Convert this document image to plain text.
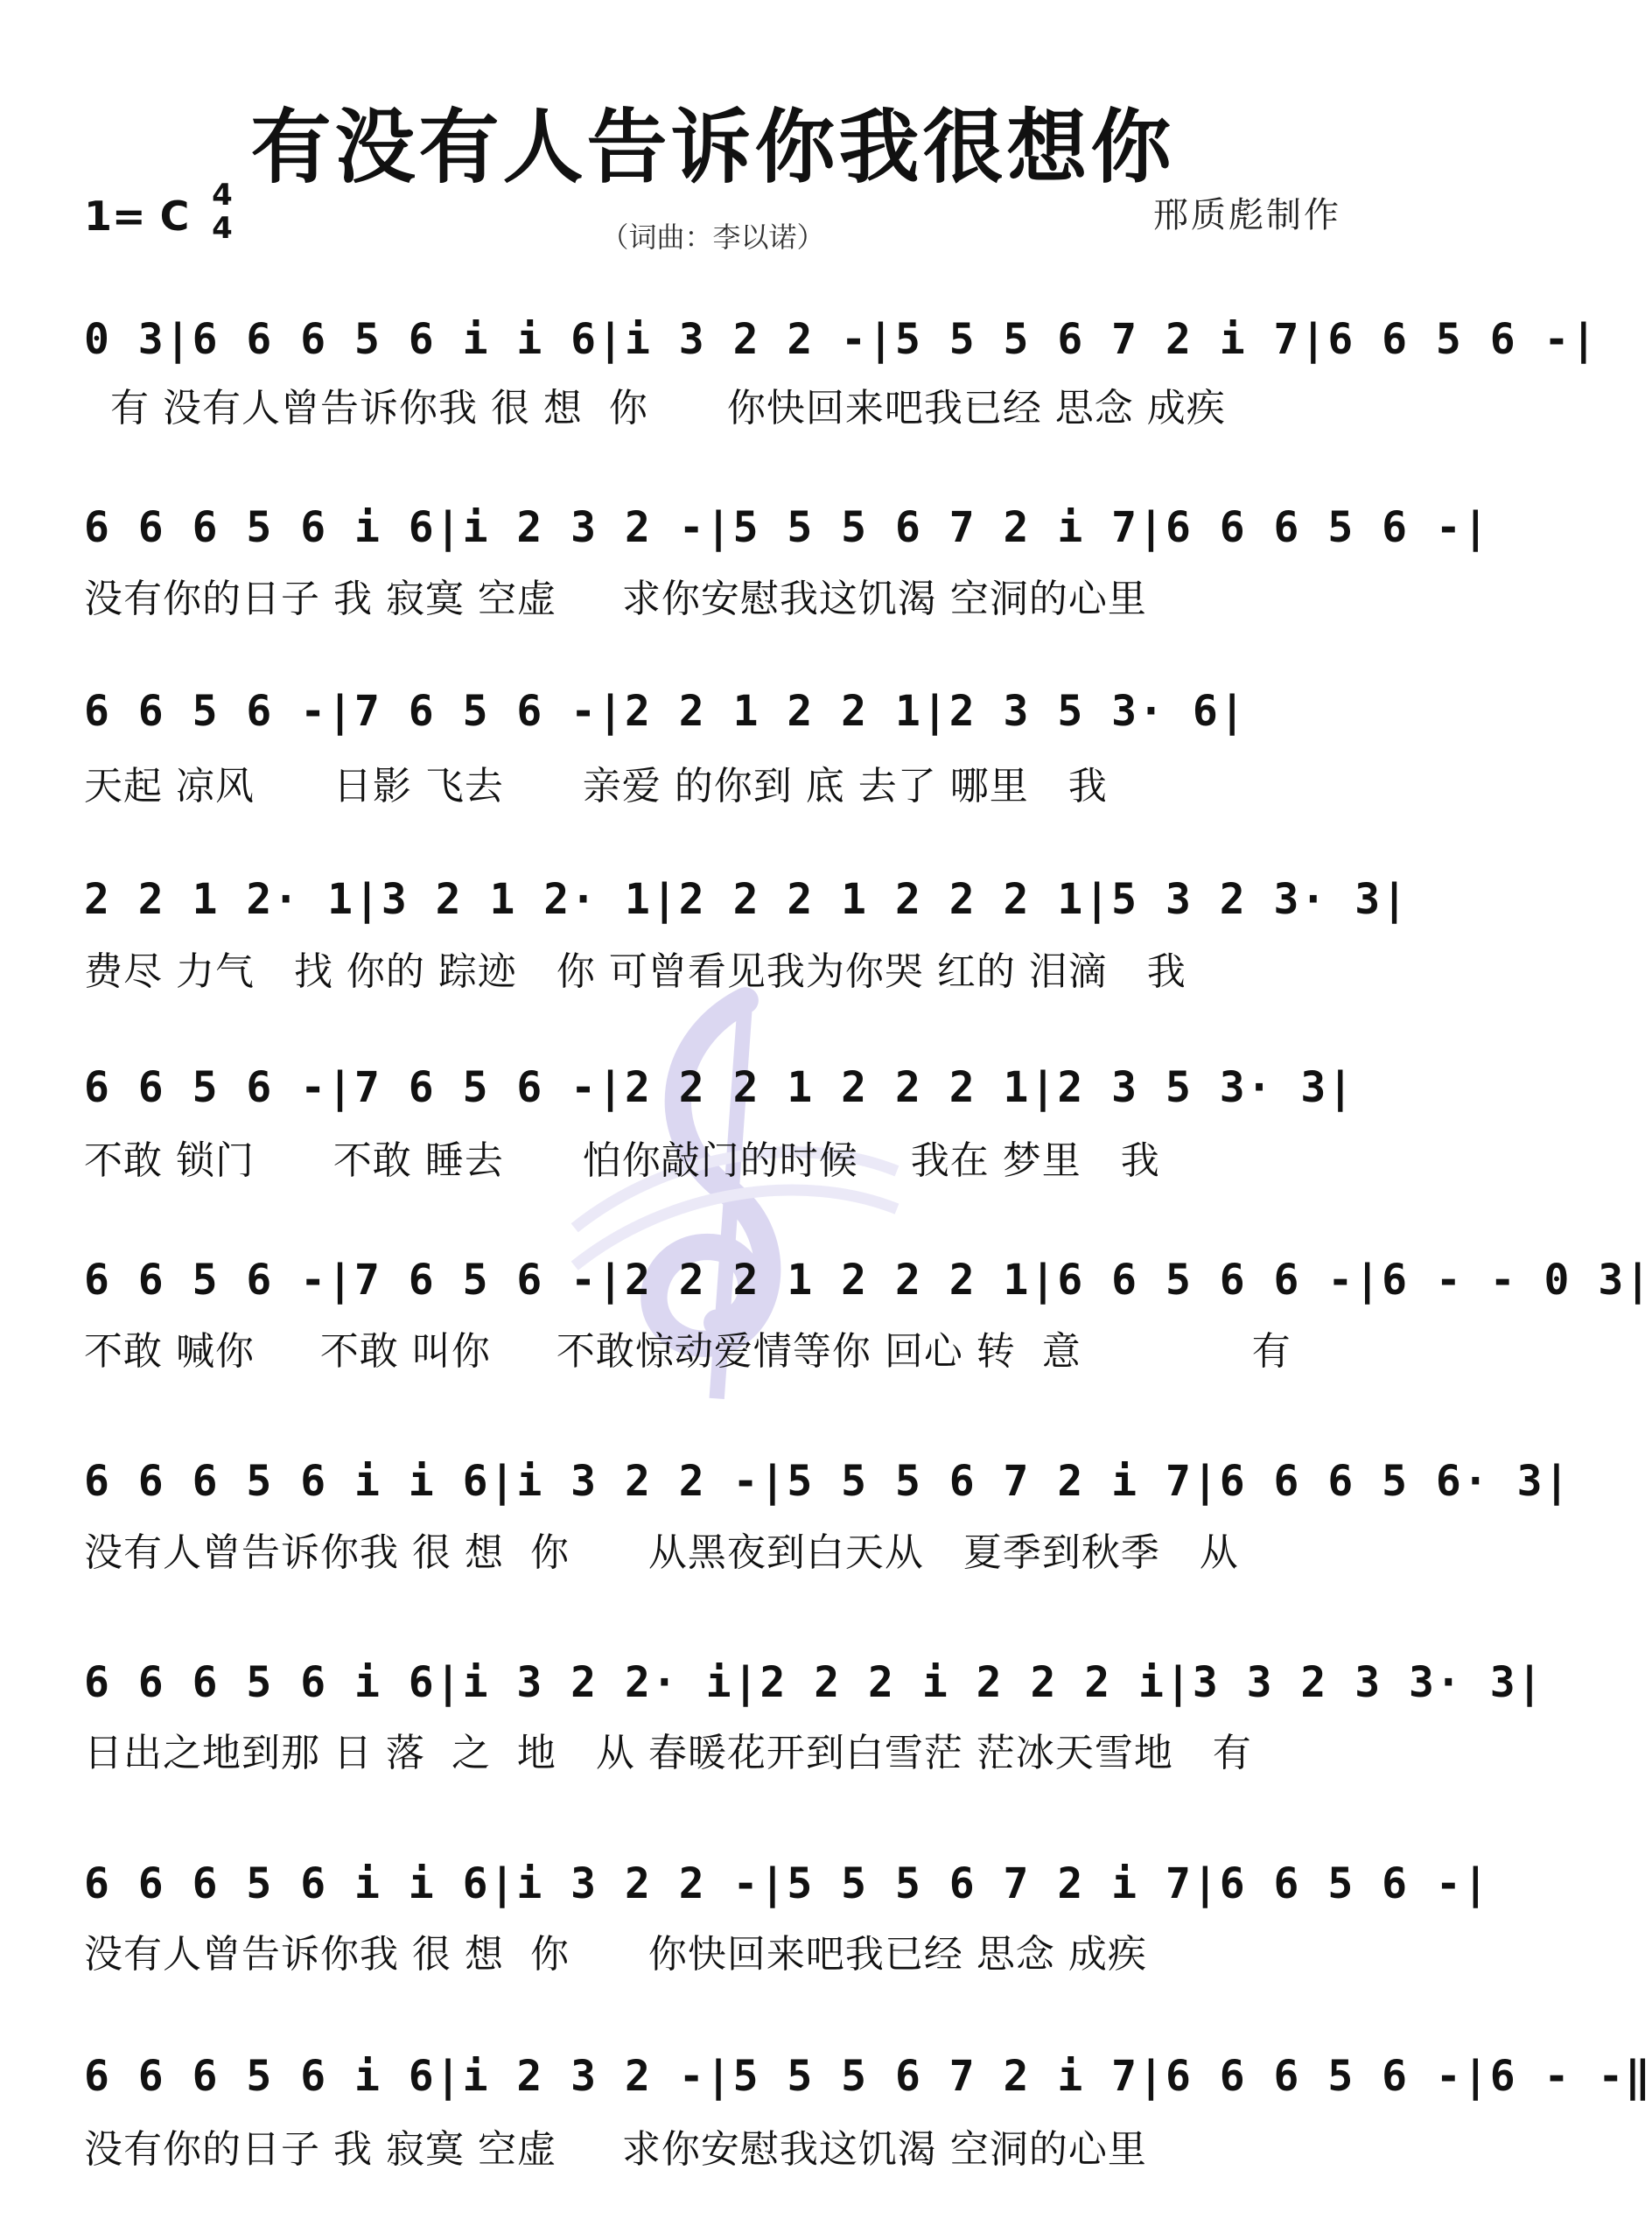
有没有人告诉你我很想你
1= C 4
4	（词曲：李以诺）
邢质彪制作
0 3|6 6 6 5 6 i i 6|i 3 2 2 -|5 5 5 6 7 2 i 7|6 6 5 6 -|
有 没有人曾告诉你我 很 想  你      你快回来吧我已经 思念 成疾
6 6 6 5 6 i 6|i 2 3 2 -|5 5 5 6 7 2 i 7|6 6 6 5 6 -|
没有你的日子 我 寂寞 空虚     求你安慰我这饥渴 空洞的心里
6 6 5 6 -|7 6 5 6 -|2 2 1 2 2 1|2 3 5 3· 6|
天起 凉风      日影 飞去      亲爱 的你到 底 去了 哪里   我
2 2 1 2· 1|3 2 1 2· 1|2 2 2 1 2 2 2 1|5 3 2 3· 3|
费尽 力气   找 你的 踪迹   你 可曾看见我为你哭 红的 泪滴   我
6 6 5 6 -|7 6 5 6 -|2 2 2 1 2 2 2 1|2 3 5 3· 3|
不敢 锁门      不敢 睡去      怕你敲门的时候    我在 梦里   我
6 6 5 6 -|7 6 5 6 -|2 2 2 1 2 2 2 1|6 6 5 6 6 -|6 - - 0 3|
不敢 喊你     不敢 叫你     不敢惊动爱情等你 回心 转  意             有
6 6 6 5 6 i i 6|i 3 2 2 -|5 5 5 6 7 2 i 7|6 6 6 5 6· 3|
没有人曾告诉你我 很 想  你      从黑夜到白天从   夏季到秋季   从
6 6 6 5 6 i 6|i 3 2 2· i|2 2 2 i 2 2 2 i|3 3 2 3 3· 3|
日出之地到那 日 落  之  地   从 春暖花开到白雪茫 茫冰天雪地   有
6 6 6 5 6 i i 6|i 3 2 2 -|5 5 5 6 7 2 i 7|6 6 5 6 -|
没有人曾告诉你我 很 想  你      你快回来吧我已经 思念 成疾
6 6 6 5 6 i 6|i 2 3 2 -|5 5 5 6 7 2 i 7|6 6 6 5 6 -|6 - -‖
没有你的日子 我 寂寞 空虚     求你安慰我这饥渴 空洞的心里
